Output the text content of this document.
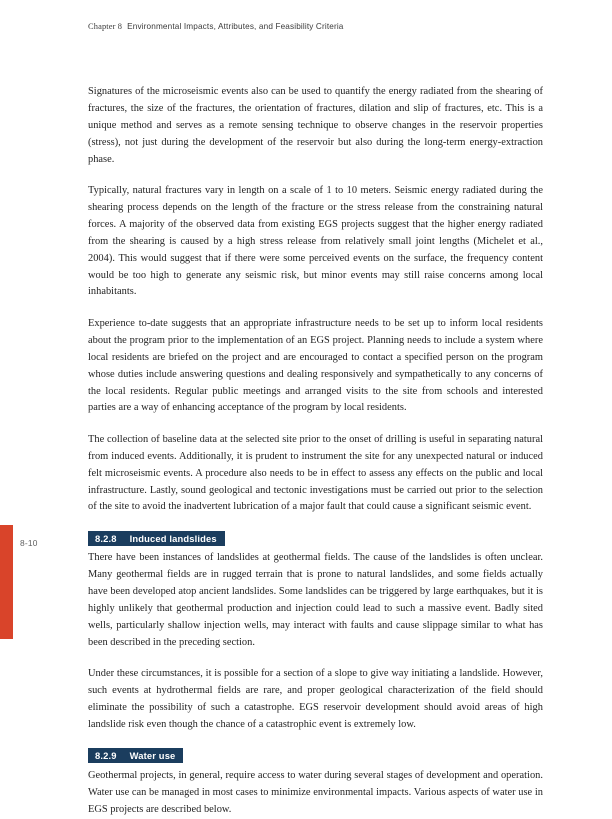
Chapter 8 Environmental Impacts, Attributes, and Feasibility Criteria
8-10

Signatures of the microseismic events also can be used to quantify the energy radiated from the shearing of fractures, the size of the fractures, the orientation of fractures, dilation and slip of fractures, etc. This is a unique method and serves as a remote sensing technique to observe changes in the reservoir properties (stress), not just during the development of the reservoir but also during the long-term energy-extraction phase.

Typically, natural fractures vary in length on a scale of 1 to 10 meters. Seismic energy radiated during the shearing process depends on the length of the fracture or the stress release from the constraining natural forces. A majority of the observed data from existing EGS projects suggest that the higher energy radiated from the shearing is caused by a high stress release from relatively small joint lengths (Michelet et al., 2004). This would suggest that if there were some perceived events on the surface, the frequency content would be too high to generate any seismic risk, but minor events may still raise concerns among local inhabitants.

Experience to-date suggests that an appropriate infrastructure needs to be set up to inform local residents about the program prior to the implementation of an EGS project. Planning needs to include a system where local residents are briefed on the project and are encouraged to contact a specified person on the program whose duties include answering questions and dealing responsively and sympathetically to any concerns of the local residents. Regular public meetings and arranged visits to the site from schools and interested parties are a way of enhancing acceptance of the program by local residents.

The collection of baseline data at the selected site prior to the onset of drilling is useful in separating natural from induced events. Additionally, it is prudent to instrument the site for any unexpected natural or induced felt microseismic events. A procedure also needs to be in effect to assess any effects on the public and local infrastructure. Lastly, sound geological and tectonic investigations must be carried out prior to the selection of the site to avoid the inadvertent lubrication of a major fault that could cause a significant seismic event.

8.2.8 Induced landslides

There have been instances of landslides at geothermal fields. The cause of the landslides is often unclear. Many geothermal fields are in rugged terrain that is prone to natural landslides, and some fields actually have been developed atop ancient landslides. Some landslides can be triggered by large earthquakes, but it is highly unlikely that geothermal production and injection could lead to such a massive event. Badly sited wells, particularly shallow injection wells, may interact with faults and cause slippage similar to what has been described in the preceding section.

Under these circumstances, it is possible for a section of a slope to give way initiating a landslide. However, such events at hydrothermal fields are rare, and proper geological characterization of the field should eliminate the possibility of such a catastrophe. EGS reservoir development should avoid areas of high landslide risk even though the chance of a catastrophic event is extremely low.

8.2.9 Water use

Geothermal projects, in general, require access to water during several stages of development and operation. Water use can be managed in most cases to minimize environmental impacts. Various aspects of water use in EGS projects are described below.
